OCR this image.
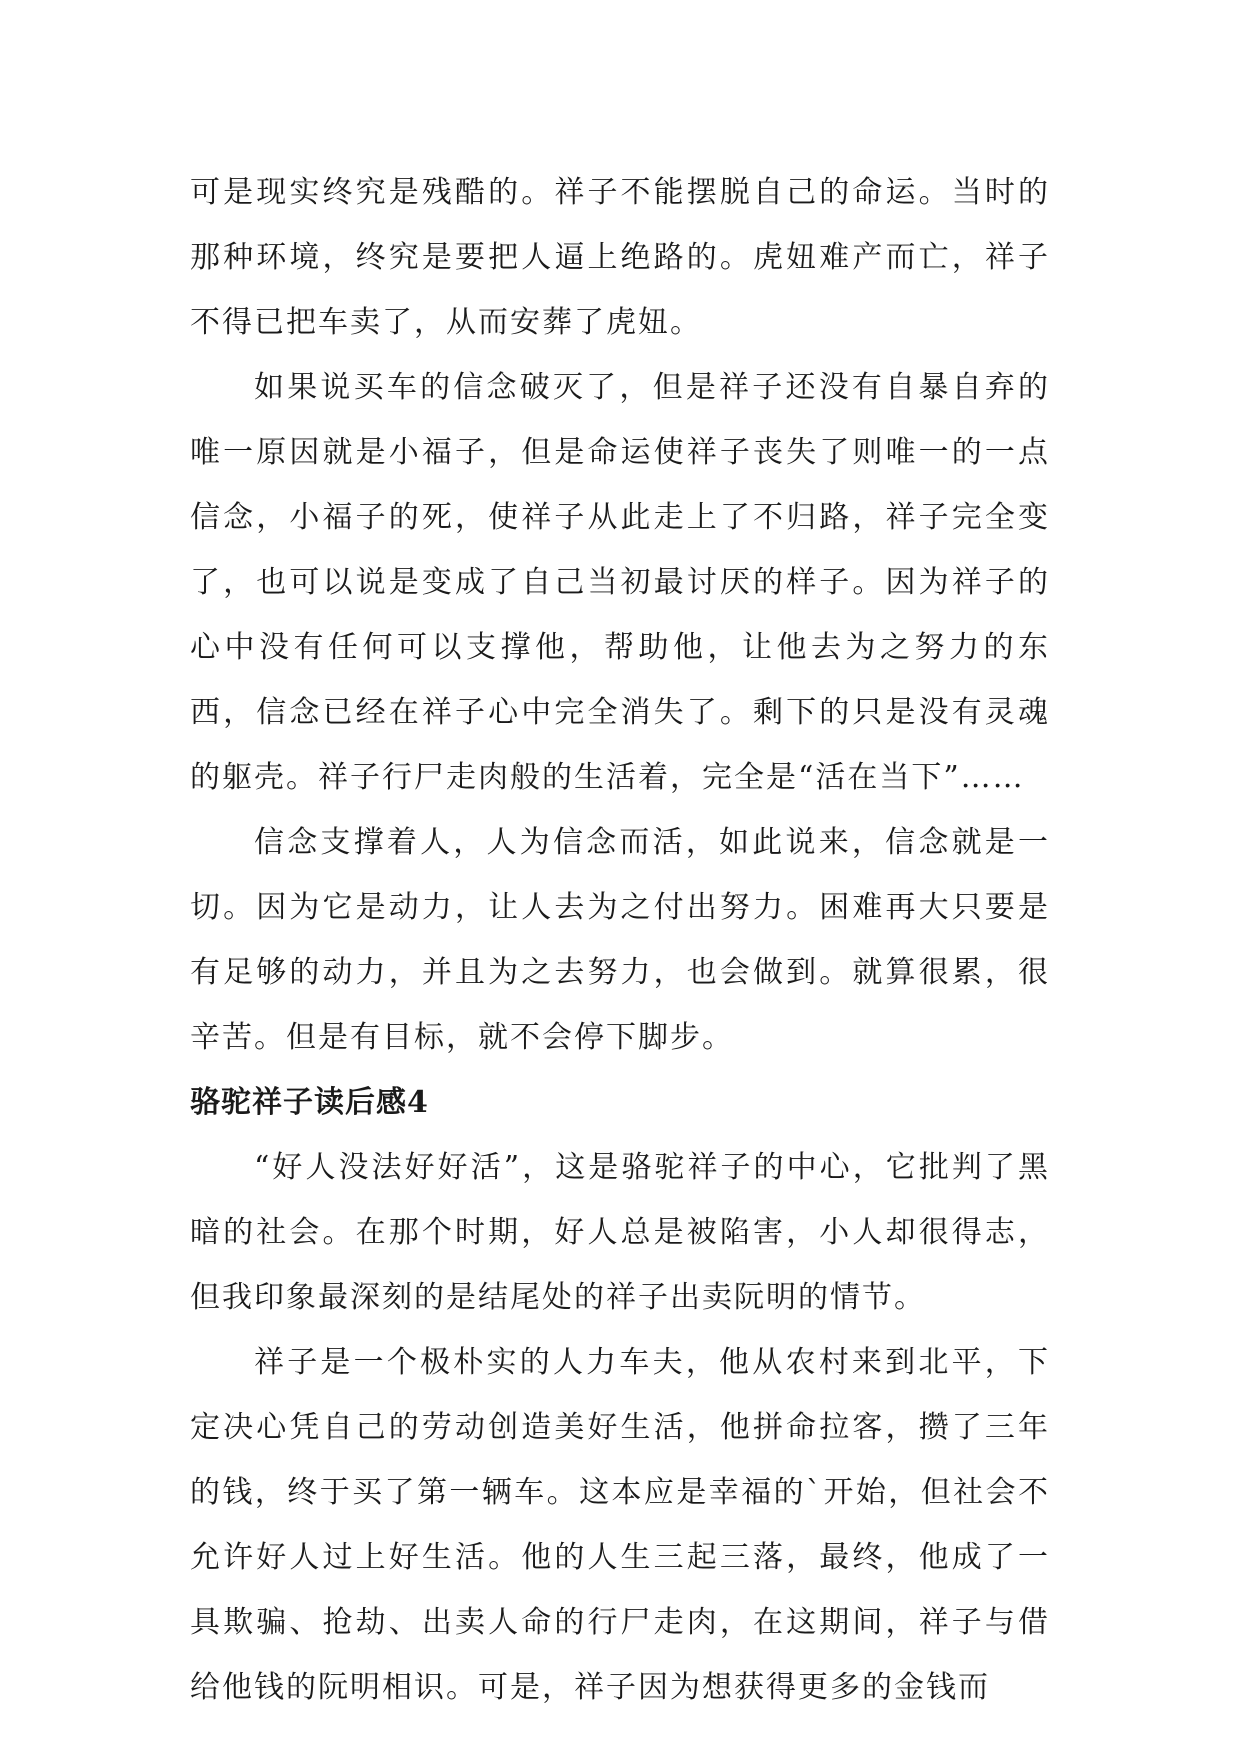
可是现实终究是残酷的。祥子不能摆脱自己的命运。当时的那种环境，终究是要把人逼上绝路的。虎妞难产而亡，祥子不得已把车卖了，从而安葬了虎妞。

如果说买车的信念破灭了，但是祥子还没有自暴自弃的唯一原因就是小福子，但是命运使祥子丧失了则唯一的一点信念，小福子的死，使祥子从此走上了不归路，祥子完全变了，也可以说是变成了自己当初最讨厌的样子。因为祥子的心中没有任何可以支撑他，帮助他，让他去为之努力的东西，信念已经在祥子心中完全消失了。剩下的只是没有灵魂的躯壳。祥子行尸走肉般的生活着，完全是“活在当下”……

信念支撑着人，人为信念而活，如此说来，信念就是一切。因为它是动力，让人去为之付出努力。困难再大只要是有足够的动力，并且为之去努力，也会做到。就算很累，很辛苦。但是有目标，就不会停下脚步。

骆驼祥子读后感4

“好人没法好好活”，这是骆驼祥子的中心，它批判了黑暗的社会。在那个时期，好人总是被陷害，小人却很得志，但我印象最深刻的是结尾处的祥子出卖阮明的情节。

祥子是一个极朴实的人力车夫，他从农村来到北平，下定决心凭自己的劳动创造美好生活，他拼命拉客，攒了三年的钱，终于买了第一辆车。这本应是幸福的`开始，但社会不允许好人过上好生活。他的人生三起三落，最终，他成了一具欺骗、抢劫、出卖人命的行尸走肉，在这期间，祥子与借给他钱的阮明相识。可是，祥子因为想获得更多的金钱而
